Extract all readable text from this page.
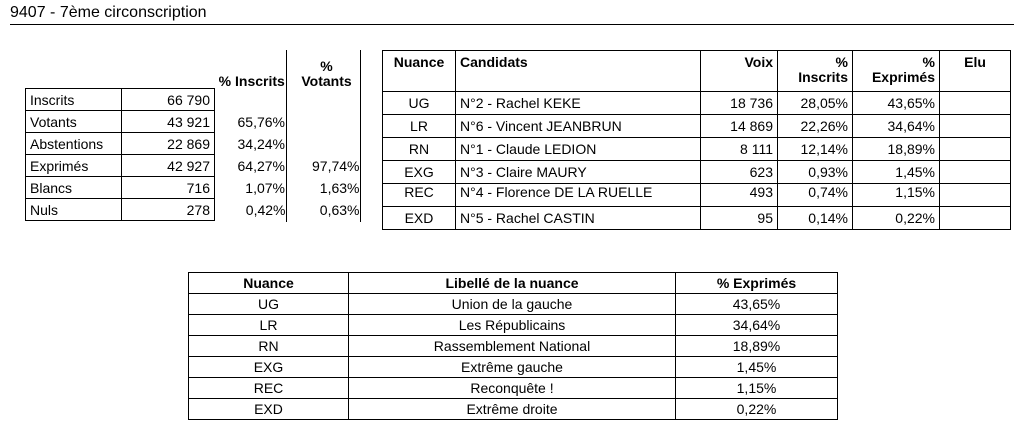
9407 - 7ème circonscription
		% Inscrits	% Votants
Inscrits	66 790		
Votants	43 921	65,76%	
Abstentions	22 869	34,24%	
Exprimés	42 927	64,27%	97,74%
Blancs	716	1,07%	1,63%
Nuls	278	0,42%	0,63%
Nuance	Candidats	Voix	% Inscrits	% Exprimés	Elu
UG	N°2 - Rachel KEKE	18 736	28,05%	43,65%	
LR	N°6 - Vincent JEANBRUN	14 869	22,26%	34,64%	
RN	N°1 - Claude LEDION	8 111	12,14%	18,89%	
EXG	N°3 - Claire MAURY	623	0,93%	1,45%	
REC	N°4 - Florence DE LA RUELLE	493	0,74%	1,15%	
EXD	N°5 - Rachel CASTIN	95	0,14%	0,22%	
Nuance	Libellé de la nuance	% Exprimés
UG	Union de la gauche	43,65%
LR	Les Républicains	34,64%
RN	Rassemblement National	18,89%
EXG	Extrême gauche	1,45%
REC	Reconquête !	1,15%
EXD	Extrême droite	0,22%
